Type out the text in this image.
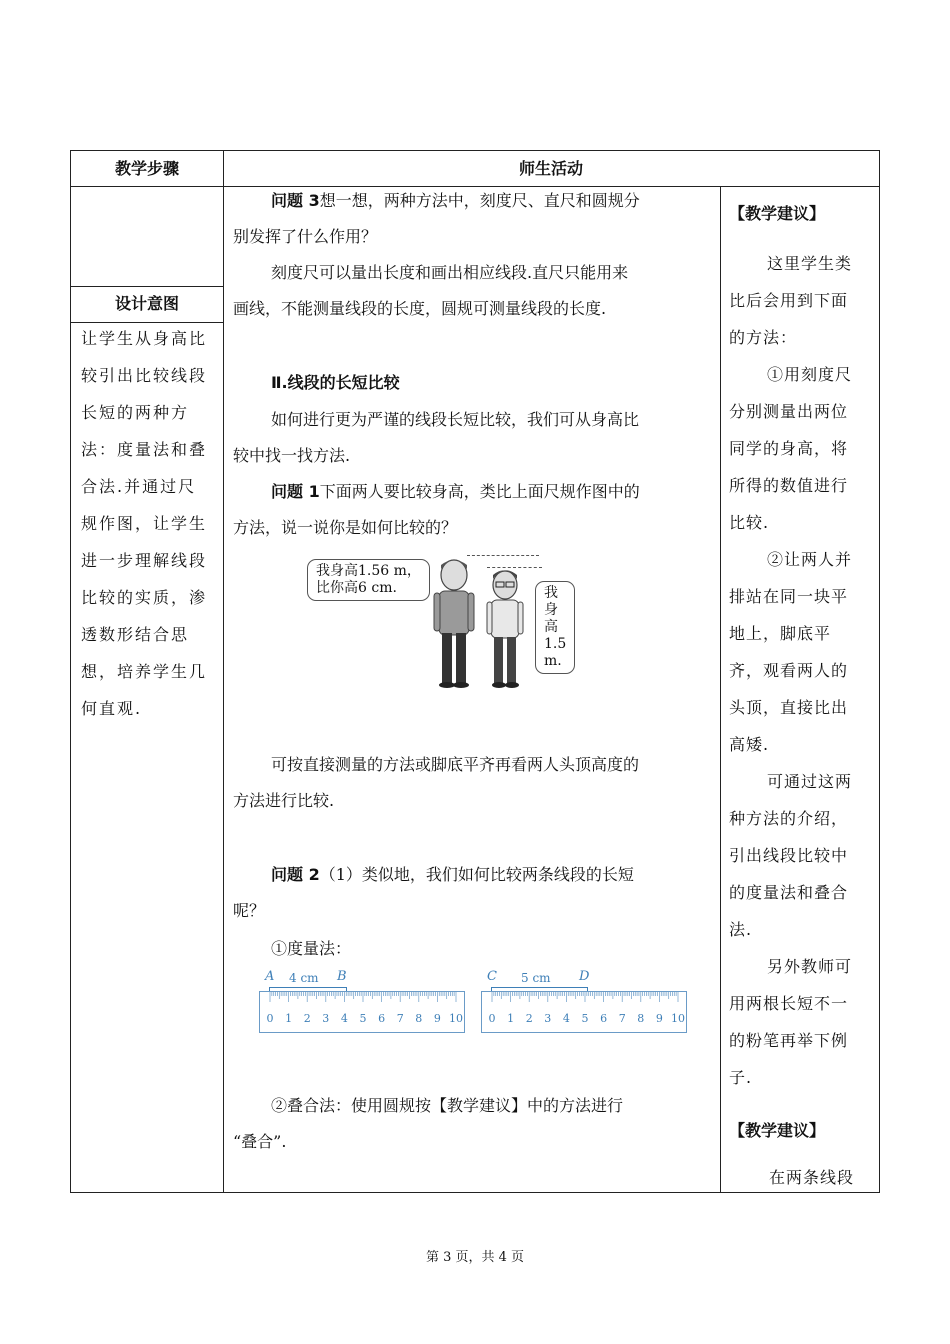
教学步骤	师生活动
设计意图

让学生从身高比

较引出比较线段

长短的两种方

法：度量法和叠

合法.并通过尺

规作图，让学生

进一步理解线段

比较的实质，渗

透数形结合思

想，培养学生几

何直观.

问题 3想一想，两种方法中，刻度尺、直尺和圆规分

别发挥了什么作用？

刻度尺可以量出长度和画出相应线段.直尺只能用来

画线，不能测量线段的长度，圆规可测量线段的长度.

Ⅱ.线段的长短比较

如何进行更为严谨的线段长短比较，我们可从身高比

较中找一找方法.

问题 1下面两人要比较身高，类比上面尺规作图中的

方法，说一说你是如何比较的？

我身高1.56 m，
比你高6 cm.	我身高1.5 m.

可按直接测量的方法或脚底平齐再看两人头顶高度的

方法进行比较.

问题 2（1）类似地，我们如何比较两条线段的长短

呢？

①度量法：

A	B
4 cm
0 1 2 3 4 5 6 7 8 9 10
C	D
5 cm
0 1 2 3 4 5 6 7 8 9 10

②叠合法：使用圆规按【教学建议】中的方法进行

“叠合”.

【教学建议】

这里学生类

比后会用到下面

的方法：

①用刻度尺

分别测量出两位

同学的身高，将

所得的数值进行

比较.

②让两人并

排站在同一块平

地上，脚底平

齐，观看两人的

头顶，直接比出

高矮.

可通过这两

种方法的介绍，

引出线段比较中

的度量法和叠合

法.

另外教师可

用两根长短不一

的粉笔再举下例

子.

【教学建议】

在两条线段

第 3 页，共 4 页
